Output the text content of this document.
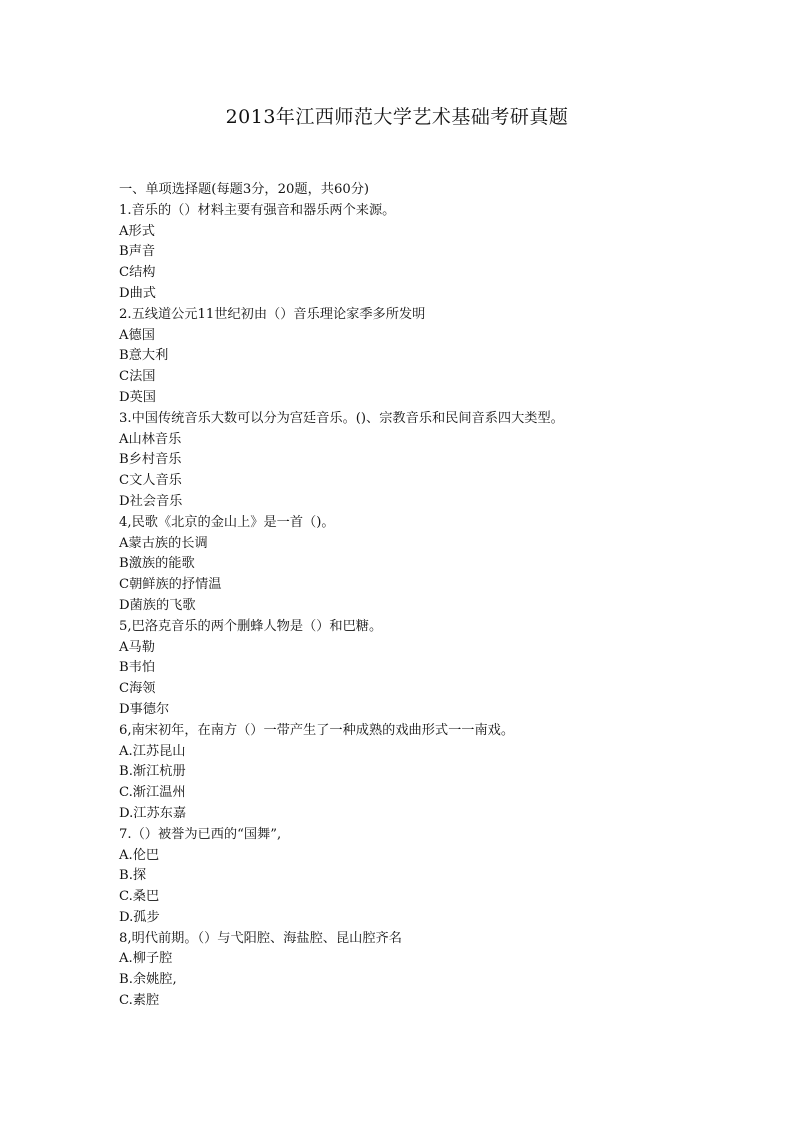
2013年江西师范大学艺术基础考研真题

一、单项选择题(每题3分，20题，共60分)

1.音乐的（）材料主要有强音和器乐两个来源。

A形式

B声音

C结构

D曲式

2.五线道公元11世纪初由（）音乐理论家季多所发明

A德国

B意大利

C法国

D英国

3.中国传统音乐大数可以分为宫廷音乐。()、宗教音乐和民间音系四大类型。

A山林音乐

B乡村音乐

C文人音乐

D社会音乐

4,民歌《北京的金山上》是一首（)。

A蒙古族的长调

B激族的能歌

C朝鲜族的抒情温

D菌族的飞歌

5,巴洛克音乐的两个删蜂人物是（）和巴糖。

A马勒

B韦怕

C海领

D事德尔

6,南宋初年，在南方（）一带产生了一种成熟的戏曲形式一一南戏。

A.江苏昆山

B.渐江杭册

C.渐江温州

D.江苏东嘉

7.（）被誉为已西的“国舞”,

A.伦巴

B.探

C.桑巴

D.孤步

8,明代前期。（）与弋阳腔、海盐腔、昆山腔齐名

A.柳子腔

B.余姚腔,

C.素腔
